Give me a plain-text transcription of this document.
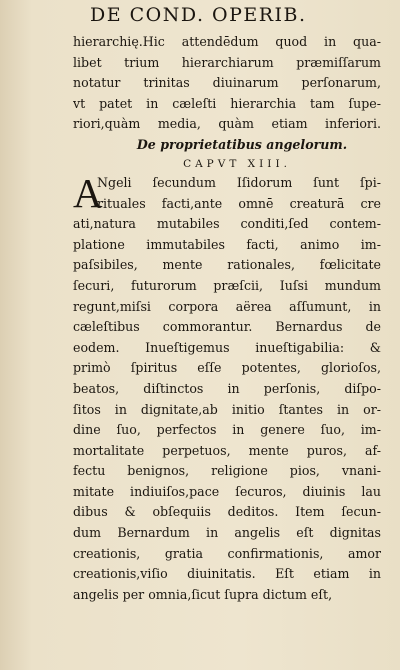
DE COND. OPERIB.
hierarchię.Hic attendēdum quod in qua-
libet trium hierarchiarum præmiſſarum
notatur trinitas diuinarum perſonarum,
vt patet in cæleſti hierarchia tam ſupe-
riori,quàm media, quàm etiam inferiori.
De proprietatibus angelorum.
CAPVT XIII.
A
Ngeli ſecundum Iſidorum ſunt ſpi-
rituales facti,ante omnē creaturā cre
ati,natura mutabiles conditi,ſed contem-
platione immutabiles facti, animo im-
paſsibiles, mente rationales, fœlicitate
ſecuri, futurorum præſcii, Iuſsi mundum
regunt,miſsi corpora aërea aſſumunt, in
cæleſtibus commorantur. Bernardus de
eodem. Inueſtigemus inueſtigabilia: &
primò ſpiritus eſſe potentes, glorioſos,
beatos, diſtinctos in perſonis, diſpo-
ſitos in dignitate,ab initio ſtantes in or-
dine ſuo, perfectos in genere ſuo, im-
mortalitate perpetuos, mente puros, af-
fectu benignos, religione pios, vnani-
mitate indiuiſos,pace ſecuros, diuinis lau
dibus & obſequiis deditos. Item ſecun-
dum Bernardum in angelis eſt dignitas
creationis, gratia confirmationis, amor
creationis,viſio diuinitatis. Eſt etiam in
angelis per omnia,ſicut ſupra dictum eſt,
